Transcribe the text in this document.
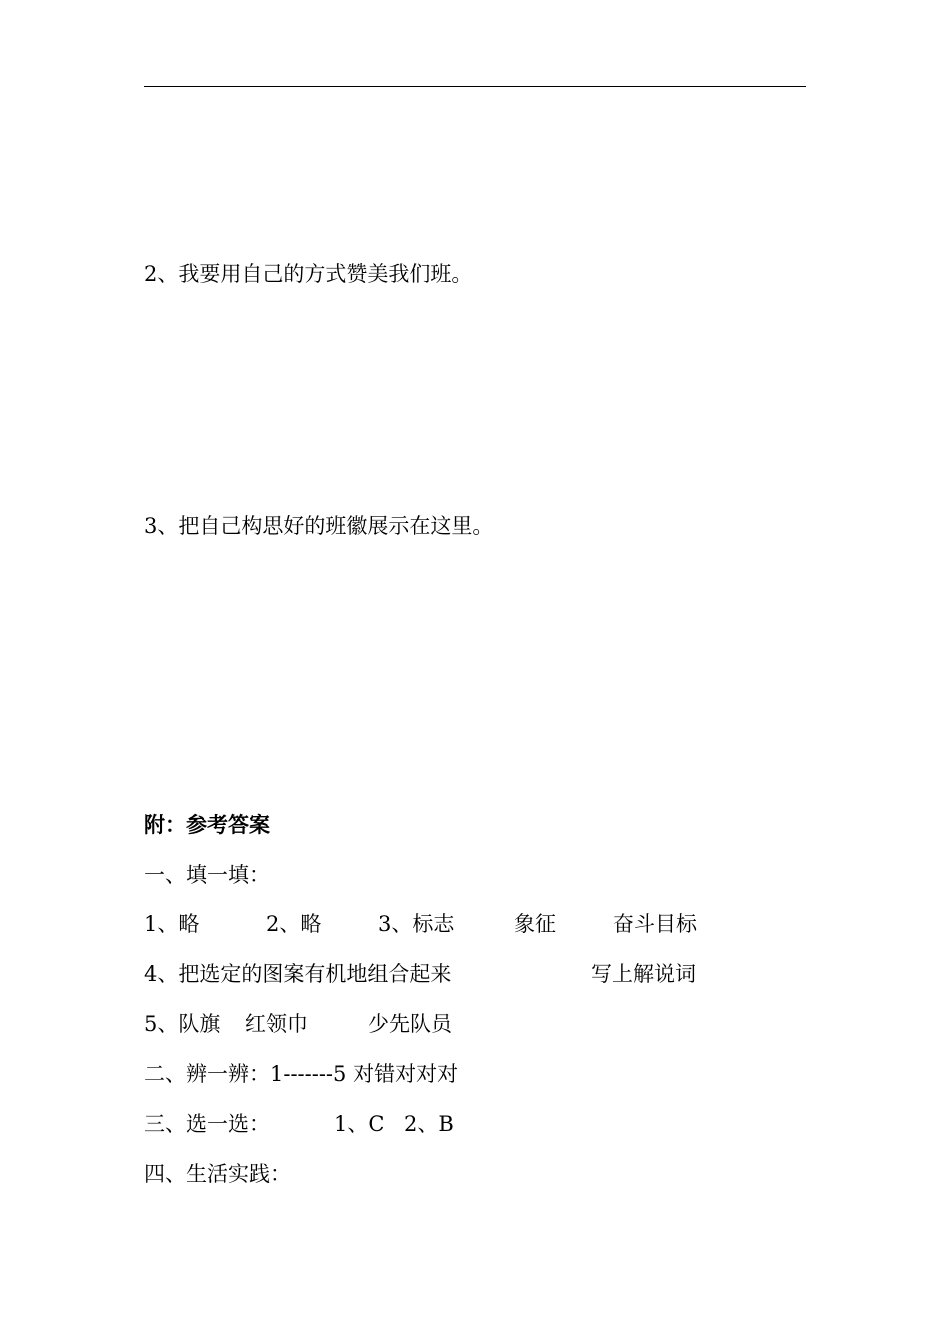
2、我要用自己的方式赞美我们班。
3、把自己构思好的班徽展示在这里。
附：参考答案
一、填一填：
1、略	2、略	3、标志	象征	奋斗目标
4、把选定的图案有机地组合起来	写上解说词
5、队旗 红领巾	少先队员
二、辨一辨：1-------5 对错对对对
三、选一选：	1、C 2、B
四、生活实践：
